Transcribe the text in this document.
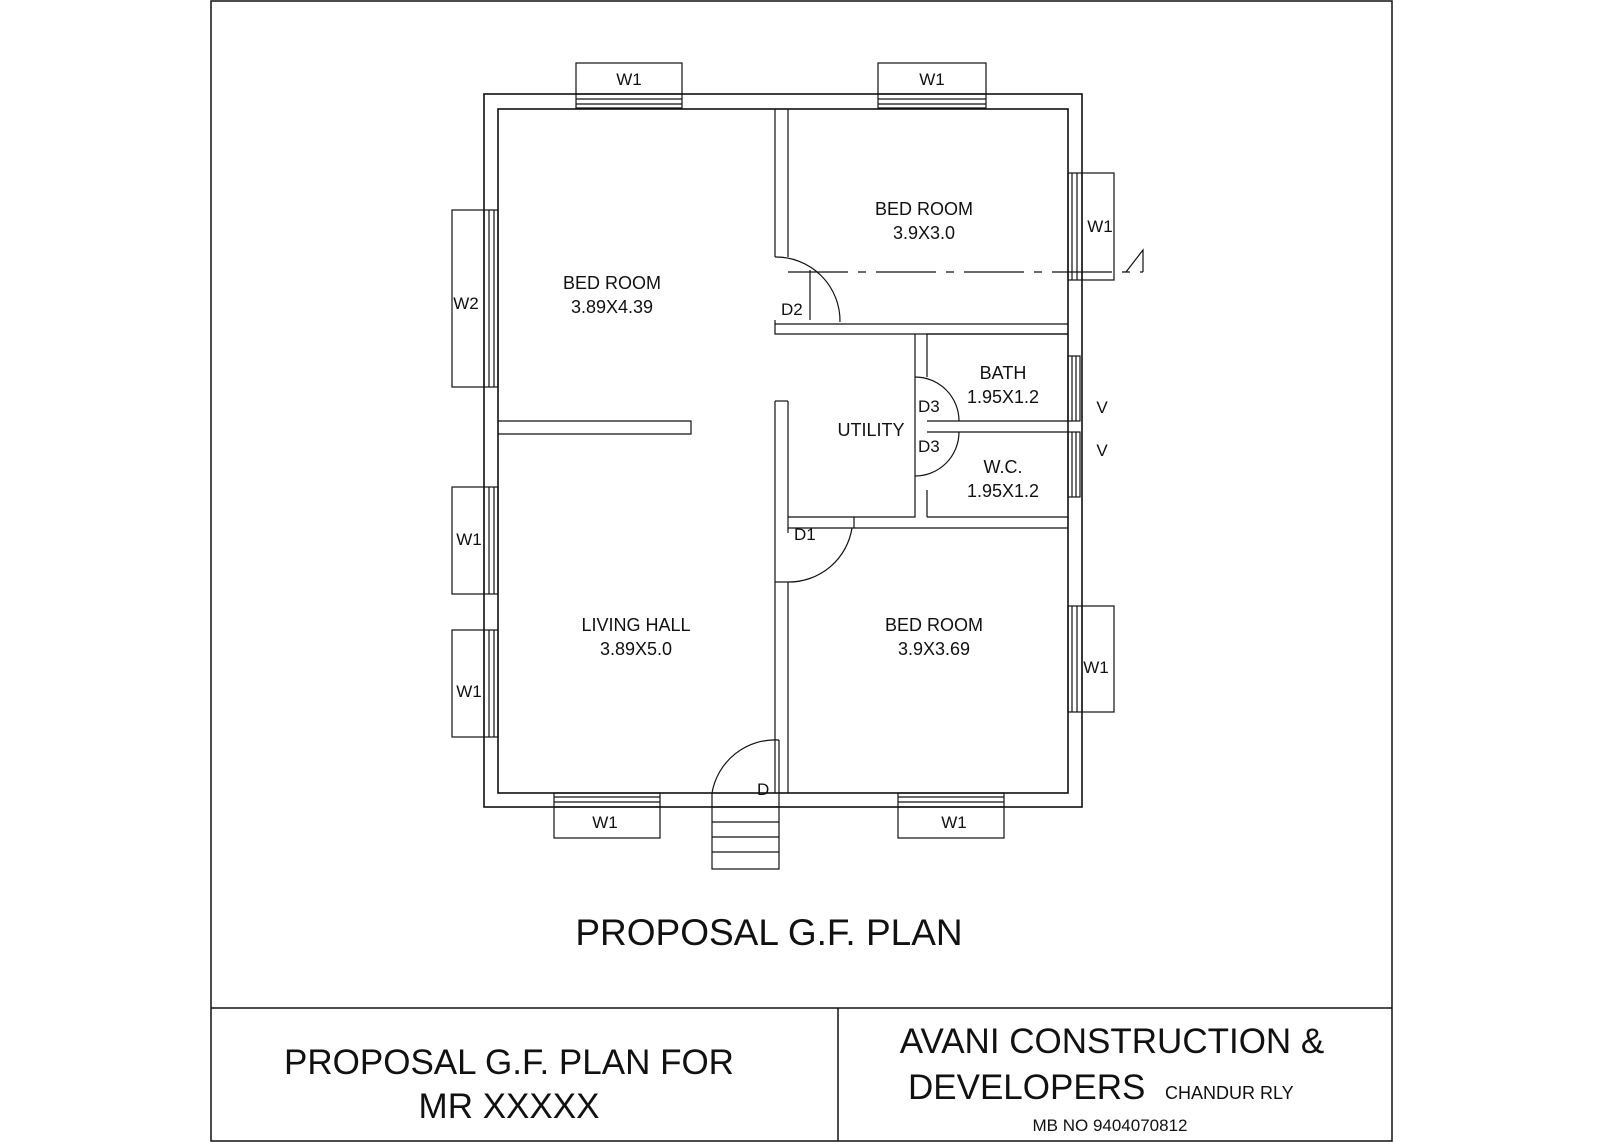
W1	W1
W2
W1
W1
W1
W1
W1	W1
V
V
D2
D3
D3
D1
D
BED ROOM
3.89X4.39
BED ROOM
3.9X3.0
BATH
1.95X1.2
UTILITY
W.C.
1.95X1.2
LIVING HALL
3.89X5.0
BED ROOM
3.9X3.69
PROPOSAL G.F. PLAN
PROPOSAL G.F. PLAN FOR
MR XXXXX
AVANI CONSTRUCTION &
DEVELOPERS CHANDUR RLY
MB NO 9404070812
